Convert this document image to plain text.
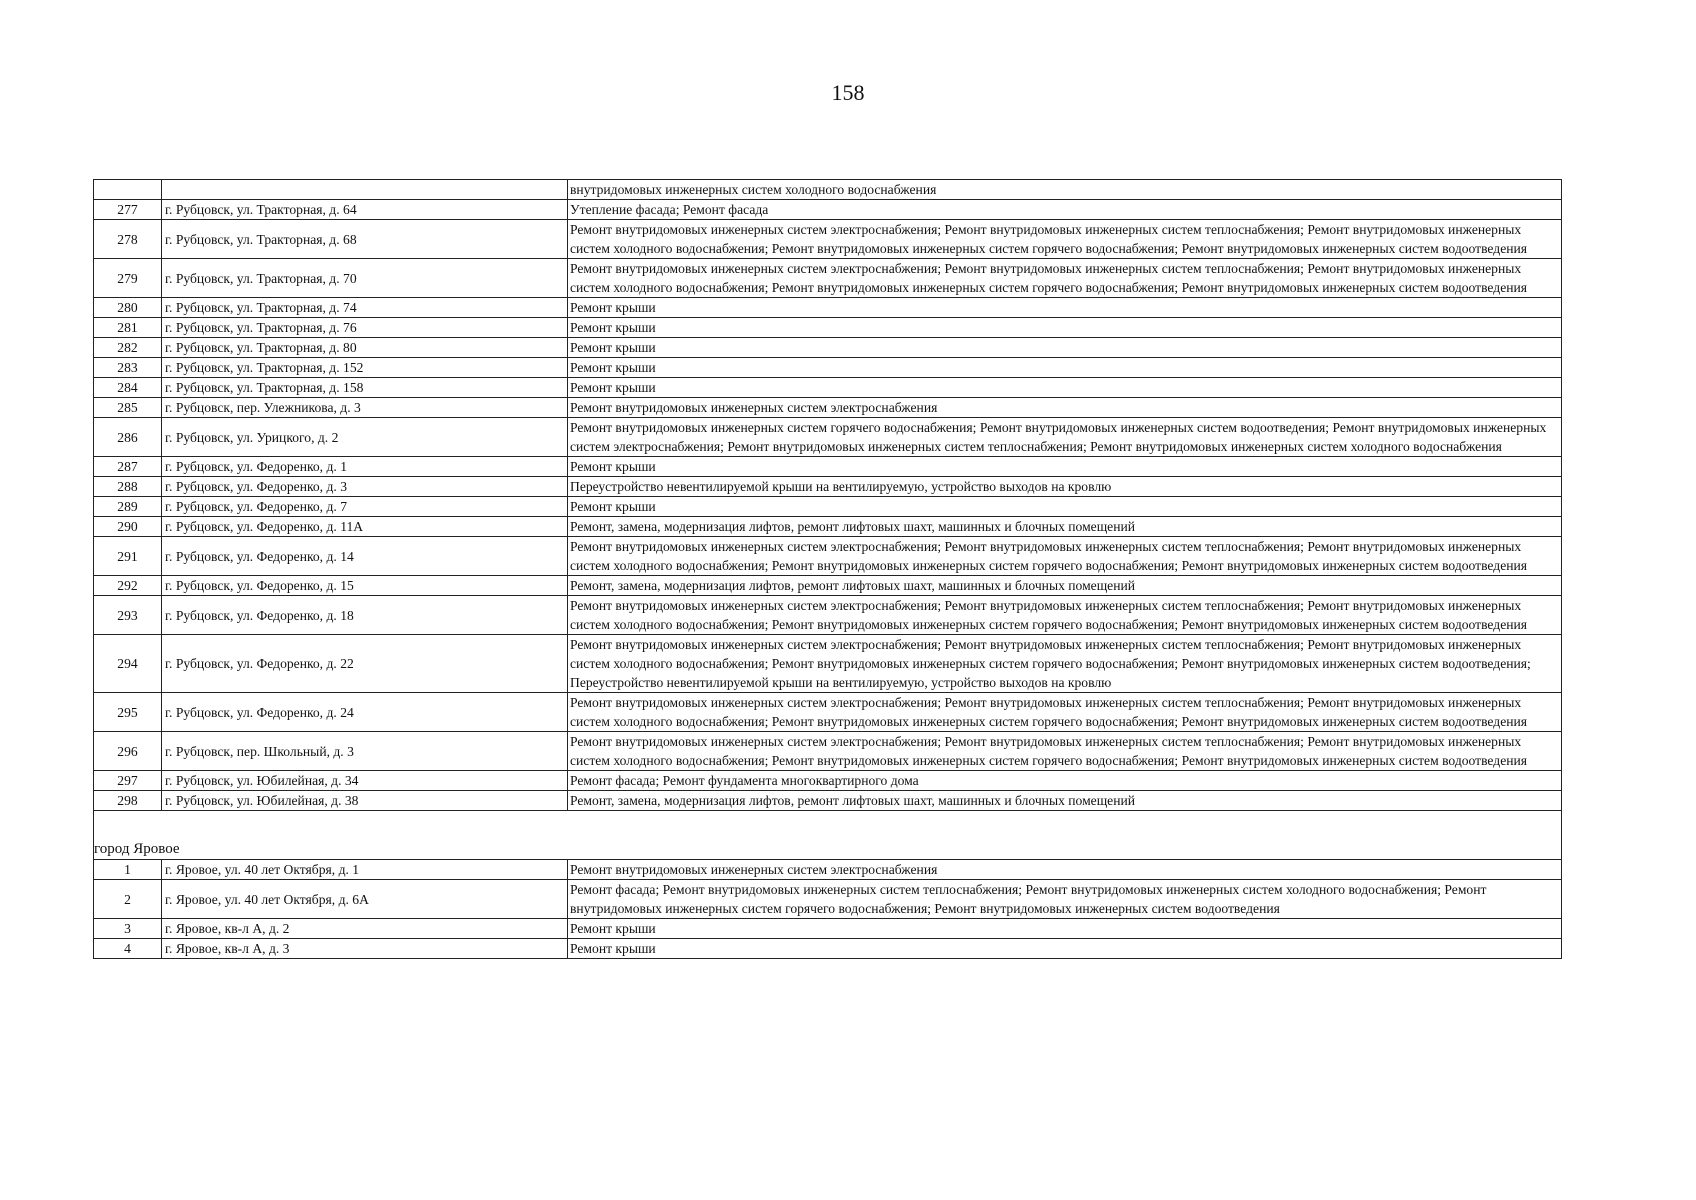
158
		внутридомовых инженерных систем холодного водоснабжения
277	г. Рубцовск, ул. Тракторная, д. 64	Утепление фасада; Ремонт фасада
278	г. Рубцовск, ул. Тракторная, д. 68	Ремонт внутридомовых инженерных систем электроснабжения; Ремонт внутридомовых инженерных систем теплоснабжения; Ремонт внутридомовых инженерных систем холодного водоснабжения; Ремонт внутридомовых инженерных систем горячего водоснабжения; Ремонт внутридомовых инженерных систем водоотведения
279	г. Рубцовск, ул. Тракторная, д. 70	Ремонт внутридомовых инженерных систем электроснабжения; Ремонт внутридомовых инженерных систем теплоснабжения; Ремонт внутридомовых инженерных систем холодного водоснабжения; Ремонт внутридомовых инженерных систем горячего водоснабжения; Ремонт внутридомовых инженерных систем водоотведения
280	г. Рубцовск, ул. Тракторная, д. 74	Ремонт крыши
281	г. Рубцовск, ул. Тракторная, д. 76	Ремонт крыши
282	г. Рубцовск, ул. Тракторная, д. 80	Ремонт крыши
283	г. Рубцовск, ул. Тракторная, д. 152	Ремонт крыши
284	г. Рубцовск, ул. Тракторная, д. 158	Ремонт крыши
285	г. Рубцовск, пер. Улежникова, д. 3	Ремонт внутридомовых инженерных систем электроснабжения
286	г. Рубцовск, ул. Урицкого, д. 2	Ремонт внутридомовых инженерных систем горячего водоснабжения; Ремонт внутридомовых инженерных систем водоотведения; Ремонт внутридомовых инженерных систем электроснабжения; Ремонт внутридомовых инженерных систем теплоснабжения; Ремонт внутридомовых инженерных систем холодного водоснабжения
287	г. Рубцовск, ул. Федоренко, д. 1	Ремонт крыши
288	г. Рубцовск, ул. Федоренко, д. 3	Переустройство невентилируемой крыши на вентилируемую, устройство выходов на кровлю
289	г. Рубцовск, ул. Федоренко, д. 7	Ремонт крыши
290	г. Рубцовск, ул. Федоренко, д. 11А	Ремонт, замена, модернизация лифтов, ремонт лифтовых шахт, машинных и блочных помещений
291	г. Рубцовск, ул. Федоренко, д. 14	Ремонт внутридомовых инженерных систем электроснабжения; Ремонт внутридомовых инженерных систем теплоснабжения; Ремонт внутридомовых инженерных систем холодного водоснабжения; Ремонт внутридомовых инженерных систем горячего водоснабжения; Ремонт внутридомовых инженерных систем водоотведения
292	г. Рубцовск, ул. Федоренко, д. 15	Ремонт, замена, модернизация лифтов, ремонт лифтовых шахт, машинных и блочных помещений
293	г. Рубцовск, ул. Федоренко, д. 18	Ремонт внутридомовых инженерных систем электроснабжения; Ремонт внутридомовых инженерных систем теплоснабжения; Ремонт внутридомовых инженерных систем холодного водоснабжения; Ремонт внутридомовых инженерных систем горячего водоснабжения; Ремонт внутридомовых инженерных систем водоотведения
294	г. Рубцовск, ул. Федоренко, д. 22	Ремонт внутридомовых инженерных систем электроснабжения; Ремонт внутридомовых инженерных систем теплоснабжения; Ремонт внутридомовых инженерных систем холодного водоснабжения; Ремонт внутридомовых инженерных систем горячего водоснабжения; Ремонт внутридомовых инженерных систем водоотведения; Переустройство невентилируемой крыши на вентилируемую, устройство выходов на кровлю
295	г. Рубцовск, ул. Федоренко, д. 24	Ремонт внутридомовых инженерных систем электроснабжения; Ремонт внутридомовых инженерных систем теплоснабжения; Ремонт внутридомовых инженерных систем холодного водоснабжения; Ремонт внутридомовых инженерных систем горячего водоснабжения; Ремонт внутридомовых инженерных систем водоотведения
296	г. Рубцовск, пер. Школьный, д. 3	Ремонт внутридомовых инженерных систем электроснабжения; Ремонт внутридомовых инженерных систем теплоснабжения; Ремонт внутридомовых инженерных систем холодного водоснабжения; Ремонт внутридомовых инженерных систем горячего водоснабжения; Ремонт внутридомовых инженерных систем водоотведения
297	г. Рубцовск, ул. Юбилейная, д. 34	Ремонт фасада; Ремонт фундамента многоквартирного дома
298	г. Рубцовск, ул. Юбилейная, д. 38	Ремонт, замена, модернизация лифтов, ремонт лифтовых шахт, машинных и блочных помещений

город Яровое		
1	г. Яровое, ул. 40 лет Октября, д. 1	Ремонт внутридомовых инженерных систем электроснабжения
2	г. Яровое, ул. 40 лет Октября, д. 6А	Ремонт фасада; Ремонт внутридомовых инженерных систем теплоснабжения; Ремонт внутридомовых инженерных систем холодного водоснабжения; Ремонт внутридомовых инженерных систем горячего водоснабжения; Ремонт внутридомовых инженерных систем водоотведения
3	г. Яровое, кв-л А, д. 2	Ремонт крыши
4	г. Яровое, кв-л А, д. 3	Ремонт крыши
